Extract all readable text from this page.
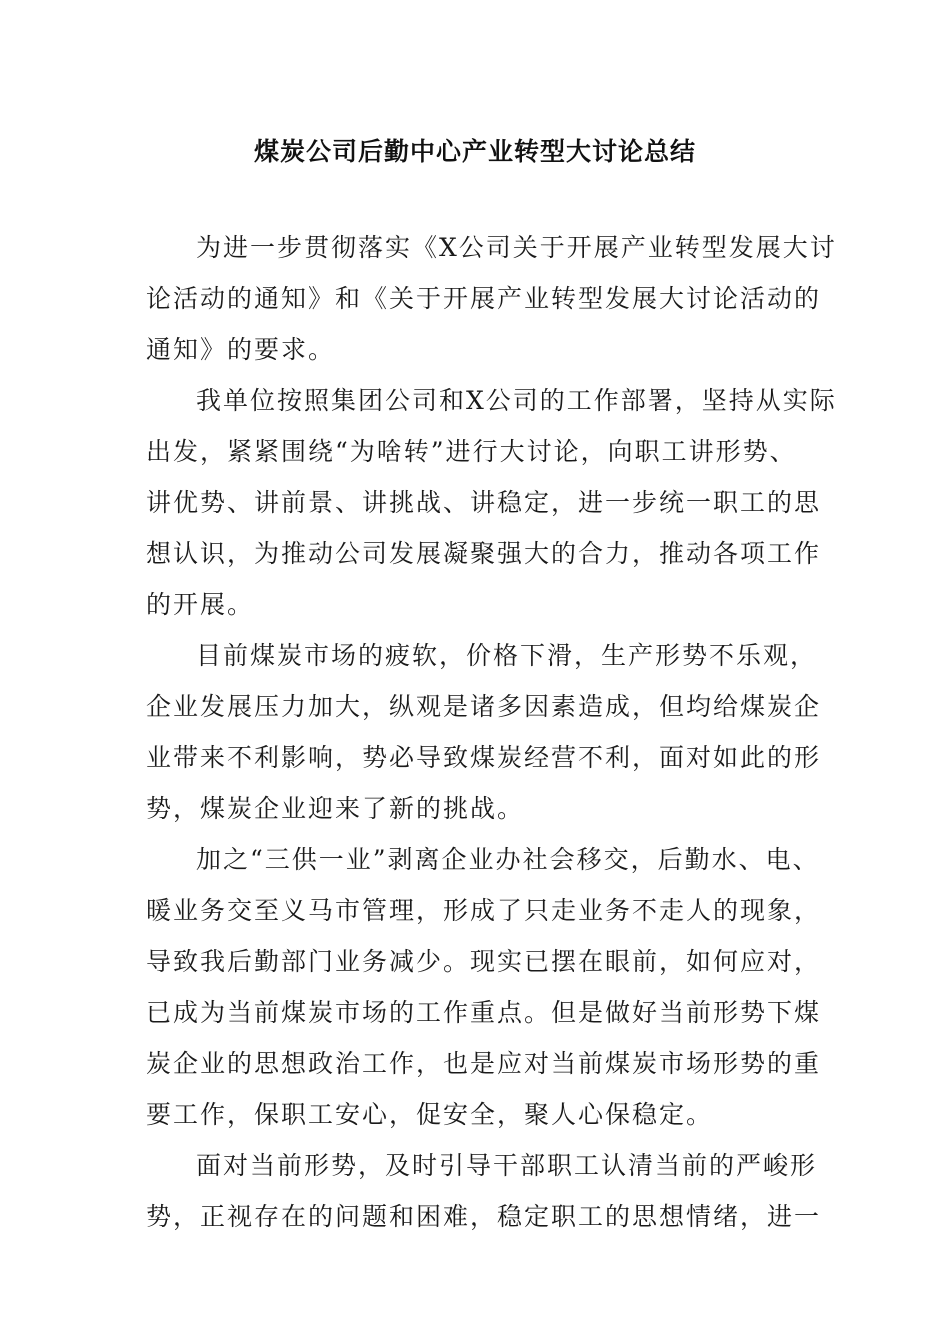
煤炭公司后勤中心产业转型大讨论总结
为进一步贯彻落实《X公司关于开展产业转型发展大讨
论活动的通知》和《关于开展产业转型发展大讨论活动的
通知》的要求。
我单位按照集团公司和X公司的工作部署，坚持从实际
出发，紧紧围绕“为啥转”进行大讨论，向职工讲形势、
讲优势、讲前景、讲挑战、讲稳定，进一步统一职工的思
想认识，为推动公司发展凝聚强大的合力，推动各项工作
的开展。
目前煤炭市场的疲软，价格下滑，生产形势不乐观，
企业发展压力加大，纵观是诸多因素造成，但均给煤炭企
业带来不利影响，势必导致煤炭经营不利，面对如此的形
势，煤炭企业迎来了新的挑战。
加之“三供一业”剥离企业办社会移交，后勤水、电、
暖业务交至义马市管理，形成了只走业务不走人的现象，
导致我后勤部门业务减少。现实已摆在眼前，如何应对，
已成为当前煤炭市场的工作重点。但是做好当前形势下煤
炭企业的思想政治工作，也是应对当前煤炭市场形势的重
要工作，保职工安心，促安全，聚人心保稳定。
面对当前形势，及时引导干部职工认清当前的严峻形
势，正视存在的问题和困难，稳定职工的思想情绪，进一
